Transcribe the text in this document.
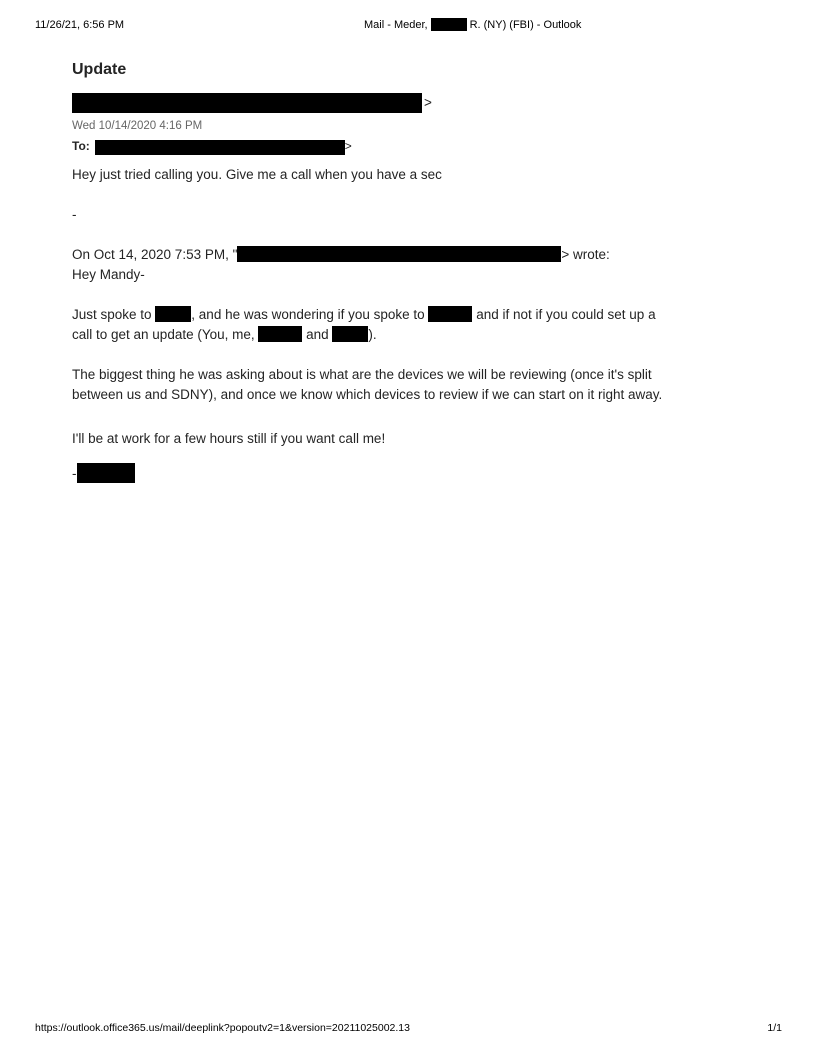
11/26/21, 6:56 PM	Mail - Meder,	R. (NY) (FBI) - Outlook
Update
>
Wed 10/14/2020 4:16 PM
To:	>

Hey just tried calling you. Give me a call when you have a sec

-

On Oct 14, 2020 7:53 PM, "	> wrote:
Hey Mandy-
Just spoke to	, and he was wondering if you spoke to	and if not if you could set up a
call to get an update (You, me,	and	).
The biggest thing he was asking about is what are the devices we will be reviewing (once it's split
between us and SDNY), and once we know which devices to review if we can start on it right away.

I'll be at work for a few hours still if you want call me!

-

https://outlook.office365.us/mail/deeplink?popoutv2=1&version=20211025002.13	1/1
